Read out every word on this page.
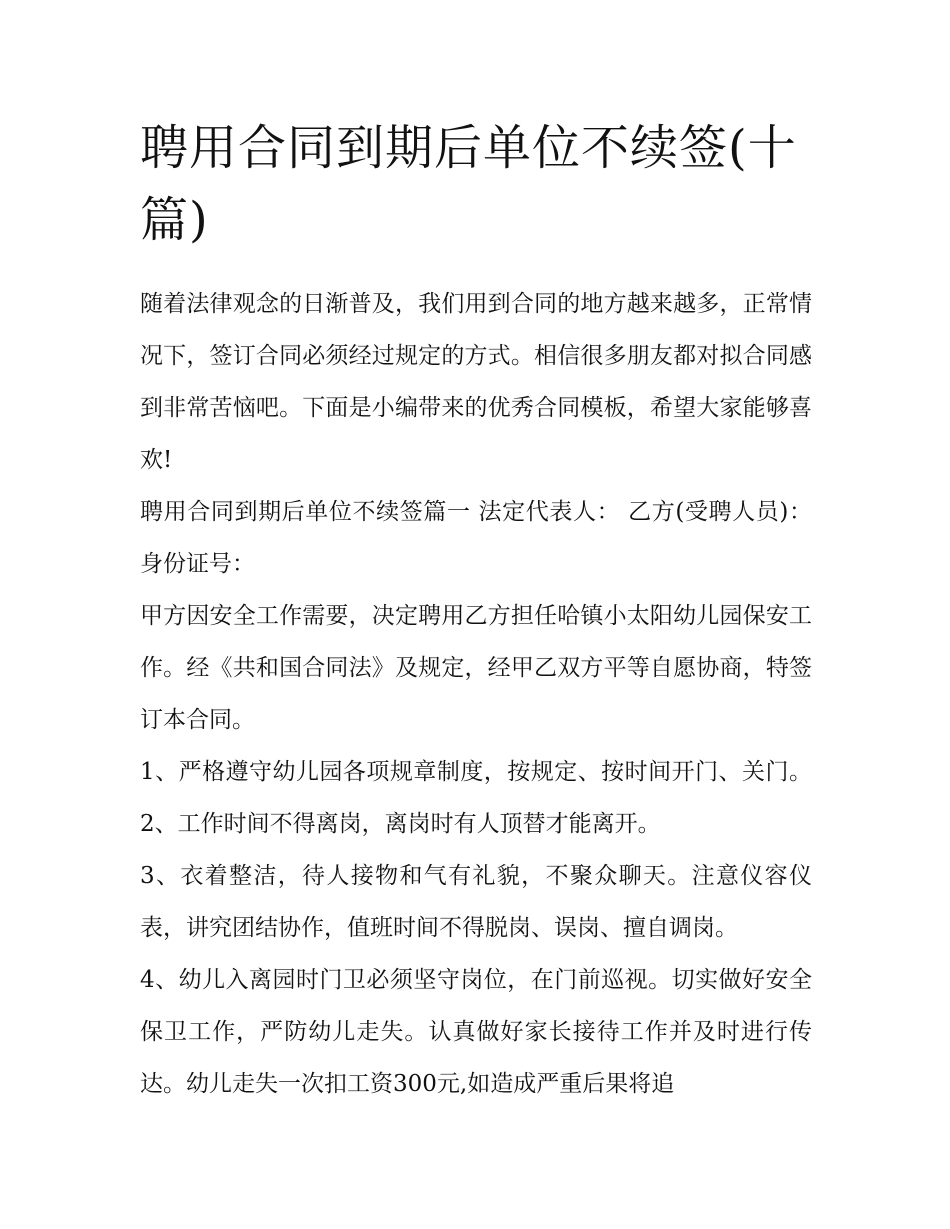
聘用合同到期后单位不续签(十篇)

随着法律观念的日渐普及，我们用到合同的地方越来越多，正常情况下，签订合同必须经过规定的方式。相信很多朋友都对拟合同感到非常苦恼吧。下面是小编带来的优秀合同模板，希望大家能够喜欢!

聘用合同到期后单位不续签篇一 法定代表人： 乙方(受聘人员)： 身份证号：

甲方因安全工作需要，决定聘用乙方担任哈镇小太阳幼儿园保安工作。经《共和国合同法》及规定，经甲乙双方平等自愿协商，特签订本合同。

1、严格遵守幼儿园各项规章制度，按规定、按时间开门、关门。 2、工作时间不得离岗，离岗时有人顶替才能离开。

3、衣着整洁，待人接物和气有礼貌，不聚众聊天。注意仪容仪表，讲究团结协作，值班时间不得脱岗、误岗、擅自调岗。

4、幼儿入离园时门卫必须坚守岗位，在门前巡视。切实做好安全保卫工作，严防幼儿走失。认真做好家长接待工作并及时进行传达。幼儿走失一次扣工资300元,如造成严重后果将追
